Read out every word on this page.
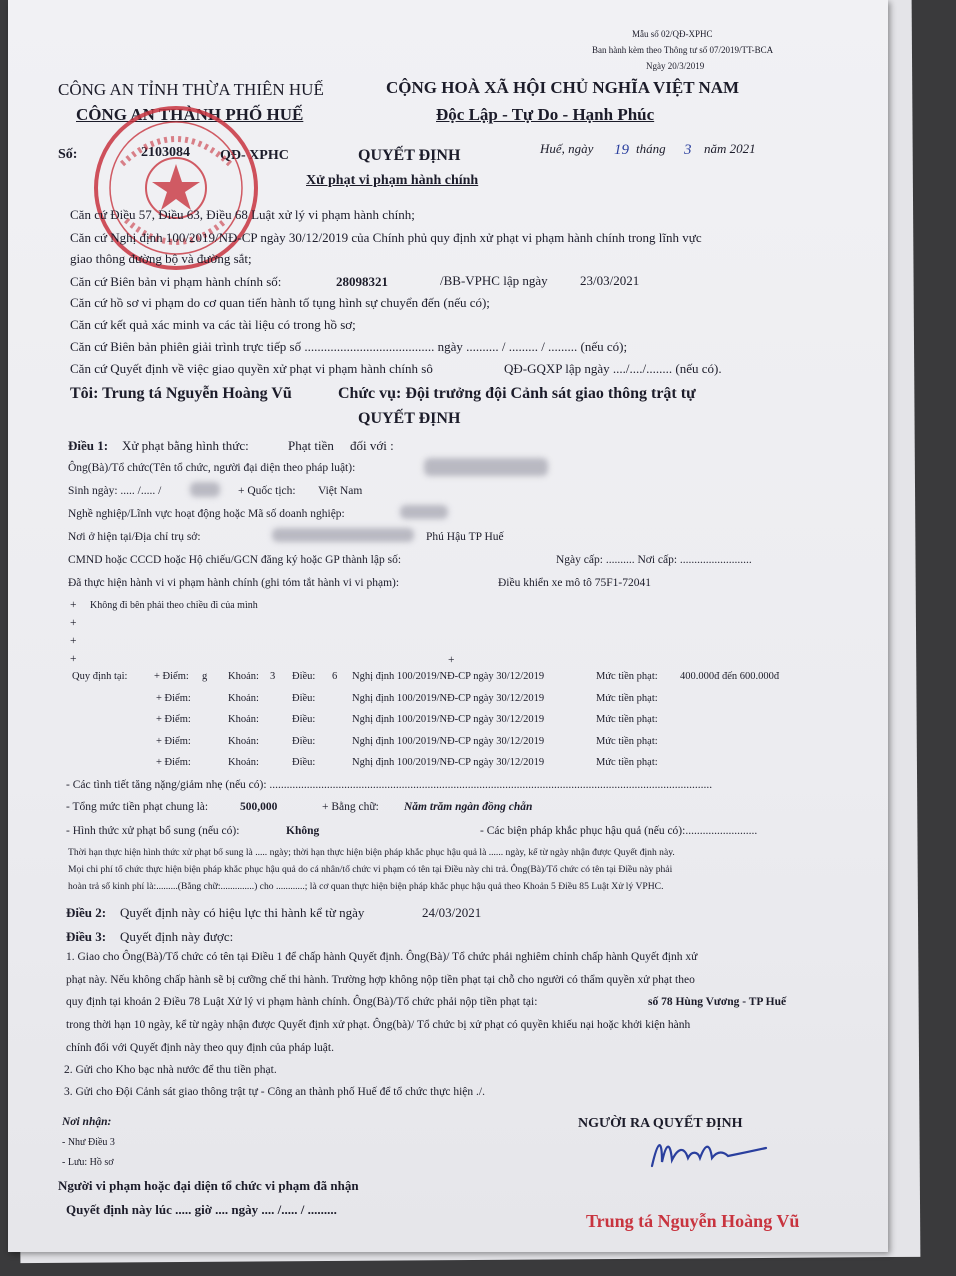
Mẫu số 02/QĐ-XPHC
Ban hành kèm theo Thông tư số 07/2019/TT-BCA
Ngày 20/3/2019
CÔNG AN TỈNH THỪA THIÊN HUẾ
CÔNG AN THÀNH PHỐ HUẾ
CỘNG HOÀ XÃ HỘI CHỦ NGHĨA VIỆT NAM
Độc Lập - Tự Do - Hạnh Phúc
Số:	2103084 QĐ- XPHC	QUYẾT ĐỊNH	Huế, ngày 19 tháng 3 năm 2021
Xử phạt vi phạm hành chính
Căn cứ Điều 57, Điều 63, Điều 68 Luật xử lý vi phạm hành chính;
Căn cứ Nghị định 100/2019/NĐ-CP ngày 30/12/2019 của Chính phủ quy định xử phạt vi phạm hành chính trong lĩnh vực
giao thông đường bộ và đường sắt;
Căn cứ Biên bản vi phạm hành chính số:	28098321	/BB-VPHC lập ngày 23/03/2021
Căn cứ hồ sơ vi phạm do cơ quan tiến hành tố tụng hình sự chuyển đến (nếu có);
Căn cứ kết quả xác minh va các tài liệu có trong hồ sơ;
Căn cứ Biên bản phiên giải trình trực tiếp số ........................................ ngày .......... / ......... / ......... (nếu có);
Căn cứ Quyết định về việc giao quyền xử phạt vi phạm hành chính sô	QĐ-GQXP lập ngày ..../..../........ (nếu có).
Tôi: Trung tá Nguyễn Hoàng Vũ	Chức vụ: Đội trưởng đội Cảnh sát giao thông trật tự
QUYẾT ĐỊNH
Điều 1: Xử phạt bằng hình thức:	Phạt tiền đối với :
Ông(Bà)/Tổ chức(Tên tổ chức, người đại diện theo pháp luật):
Sinh ngày: ..... /..... /	+ Quốc tịch: Việt Nam
Nghề nghiệp/Lĩnh vực hoạt động hoặc Mã số doanh nghiệp:
Nơi ở hiện tại/Địa chỉ trụ sở:	Phú Hậu TP Huế
CMND hoặc CCCD hoặc Hộ chiếu/GCN đăng ký hoặc GP thành lập số:	Ngày cấp: .......... Nơi cấp: .........................
Đã thực hiện hành vi vi phạm hành chính (ghi tóm tắt hành vi vi phạm):	Điều khiển xe mô tô 75F1-72041
+ Không đi bên phải theo chiều đi của mình
+
+
+	+
Quy định tại:	+ Điểm: g Khoản: 3 Điều: 6 Nghị định 100/2019/NĐ-CP ngày 30/12/2019	Mức tiền phạt: 400.000đ đến 600.000đ
+ Điểm:	Khoản:	Điều:	Nghị định 100/2019/NĐ-CP ngày 30/12/2019	Mức tiền phạt:
+ Điểm:	Khoản:	Điều:	Nghị định 100/2019/NĐ-CP ngày 30/12/2019	Mức tiền phạt:
+ Điểm:	Khoản:	Điều:	Nghị định 100/2019/NĐ-CP ngày 30/12/2019	Mức tiền phạt:
+ Điểm:	Khoản:	Điều:	Nghị định 100/2019/NĐ-CP ngày 30/12/2019	Mức tiền phạt:
- Các tình tiết tăng nặng/giảm nhẹ (nếu có): ..........................................................................................................................................................
- Tổng mức tiền phạt chung là:	500,000	+ Bằng chữ: Năm trăm ngàn đồng chẵn
- Hình thức xử phạt bổ sung (nếu có):	Không	- Các biện pháp khắc phục hậu quả (nếu có):.........................
Thời hạn thực hiện hình thức xử phạt bổ sung là ..... ngày; thời hạn thực hiện biện pháp khắc phục hậu quả là ...... ngày, kể từ ngày nhận được Quyết định này.
Mọi chi phí tổ chức thực hiện biện pháp khắc phục hậu quả do cá nhân/tổ chức vi phạm có tên tại Điều này chi trả. Ông(Bà)/Tổ chức có tên tại Điều này phải
hoàn trả số kinh phí là:.........(Bằng chữ:..............) cho ............; là cơ quan thực hiện biện pháp khắc phục hậu quả theo Khoản 5 Điều 85 Luật Xử lý VPHC.
Điều 2: Quyết định này có hiệu lực thi hành kể từ ngày	24/03/2021
Điều 3: Quyết định này được:
1. Giao cho Ông(Bà)/Tổ chức có tên tại Điều 1 để chấp hành Quyết định. Ông(Bà)/ Tổ chức phải nghiêm chỉnh chấp hành Quyết định xử
phạt này. Nếu không chấp hành sẽ bị cưỡng chế thi hành. Trường hợp không nộp tiền phạt tại chỗ cho người có thẩm quyền xử phạt theo
quy định tại khoản 2 Điều 78 Luật Xử lý vi phạm hành chính. Ông(Bà)/Tổ chức phải nộp tiền phạt tại:	số 78 Hùng Vương - TP Huế
trong thời hạn 10 ngày, kể từ ngày nhận được Quyết định xử phạt. Ông(bà)/ Tổ chức bị xử phạt có quyền khiếu nại hoặc khởi kiện hành
chính đối với Quyết định này theo quy định của pháp luật.
2. Gửi cho Kho bạc nhà nước để thu tiền phạt.
3. Gửi cho Đội Cảnh sát giao thông trật tự - Công an thành phố Huế để tổ chức thực hiện ./.
Nơi nhận:
- Như Điều 3
- Lưu: Hồ sơ
Người vi phạm hoặc đại diện tổ chức vi phạm đã nhận
Quyết định này lúc ..... giờ .... ngày .... /..... / .........
NGƯỜI RA QUYẾT ĐỊNH
Trung tá Nguyễn Hoàng Vũ
